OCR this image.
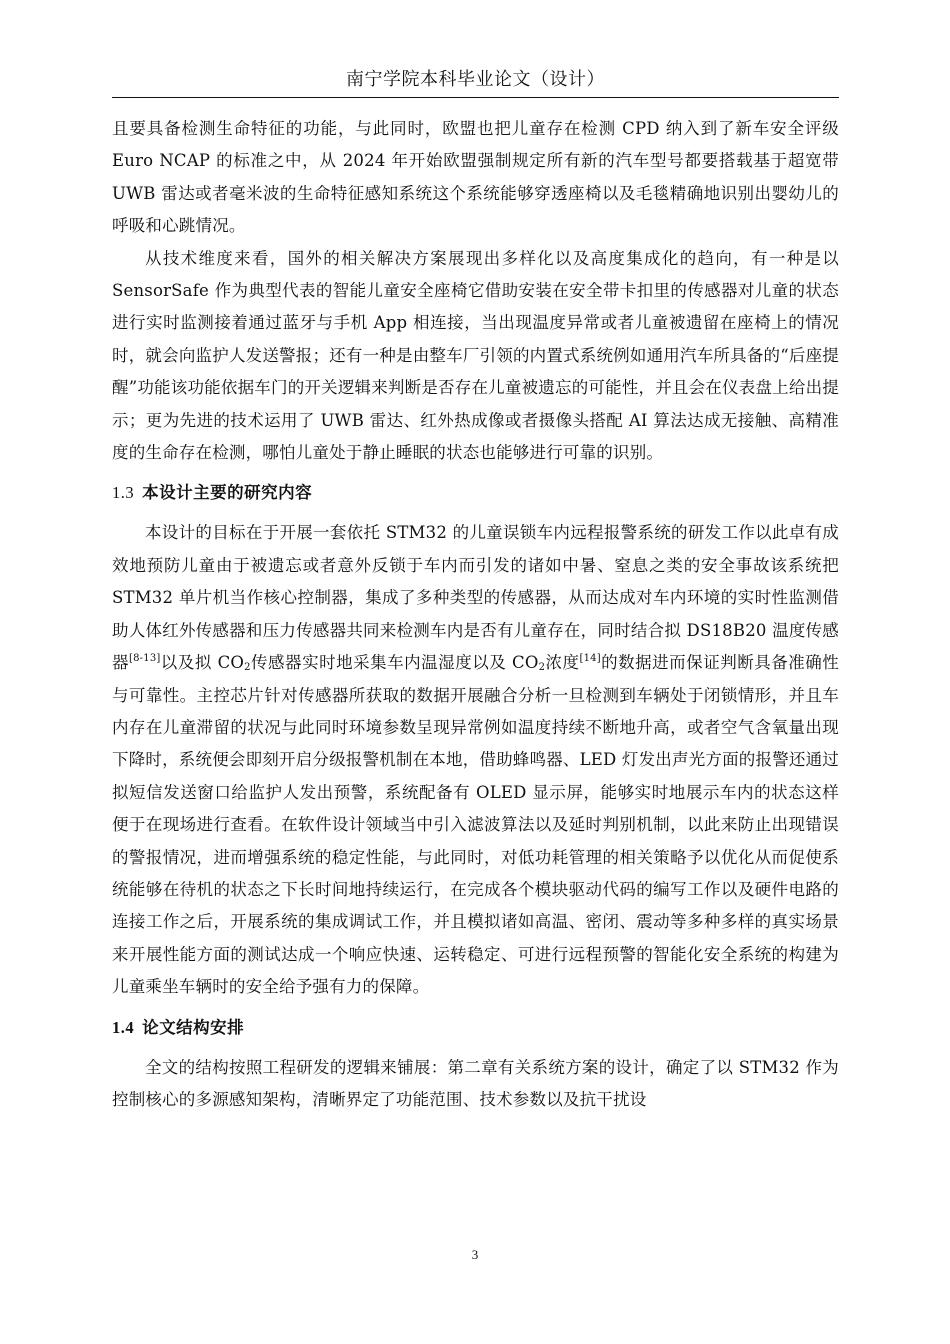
南宁学院本科毕业论文（设计）

且要具备检测生命特征的功能，与此同时，欧盟也把儿童存在检测 CPD 纳入到了新车安全评级 Euro NCAP 的标准之中，从 2024 年开始欧盟强制规定所有新的汽车型号都要搭载基于超宽带 UWB 雷达或者毫米波的生命特征感知系统这个系统能够穿透座椅以及毛毯精确地识别出婴幼儿的呼吸和心跳情况。

从技术维度来看，国外的相关解决方案展现出多样化以及高度集成化的趋向，有一种是以 SensorSafe 作为典型代表的智能儿童安全座椅它借助安装在安全带卡扣里的传感器对儿童的状态进行实时监测接着通过蓝牙与手机 App 相连接，当出现温度异常或者儿童被遗留在座椅上的情况时，就会向监护人发送警报；还有一种是由整车厂引领的内置式系统例如通用汽车所具备的“后座提醒”功能该功能依据车门的开关逻辑来判断是否存在儿童被遗忘的可能性，并且会在仪表盘上给出提示；更为先进的技术运用了 UWB 雷达、红外热成像或者摄像头搭配 AI 算法达成无接触、高精准度的生命存在检测，哪怕儿童处于静止睡眠的状态也能够进行可靠的识别。

1.3 本设计主要的研究内容

本设计的目标在于开展一套依托 STM32 的儿童误锁车内远程报警系统的研发工作以此卓有成效地预防儿童由于被遗忘或者意外反锁于车内而引发的诸如中暑、窒息之类的安全事故该系统把 STM32 单片机当作核心控制器，集成了多种类型的传感器，从而达成对车内环境的实时性监测借助人体红外传感器和压力传感器共同来检测车内是否有儿童存在，同时结合拟 DS18B20 温度传感器[8-13]以及拟 $CO_2$传感器实时地采集车内温湿度以及 $CO_2$浓度[14]的数据进而保证判断具备准确性与可靠性。主控芯片针对传感器所获取的数据开展融合分析一旦检测到车辆处于闭锁情形，并且车内存在儿童滞留的状况与此同时环境参数呈现异常例如温度持续不断地升高，或者空气含氧量出现下降时，系统便会即刻开启分级报警机制在本地，借助蜂鸣器、LED 灯发出声光方面的报警还通过拟短信发送窗口给监护人发出预警，系统配备有 OLED 显示屏，能够实时地展示车内的状态这样便于在现场进行查看。在软件设计领域当中引入滤波算法以及延时判别机制，以此来防止出现错误的警报情况，进而增强系统的稳定性能，与此同时，对低功耗管理的相关策略予以优化从而促使系统能够在待机的状态之下长时间地持续运行，在完成各个模块驱动代码的编写工作以及硬件电路的连接工作之后，开展系统的集成调试工作，并且模拟诸如高温、密闭、震动等多种多样的真实场景来开展性能方面的测试达成一个响应快速、运转稳定、可进行远程预警的智能化安全系统的构建为儿童乘坐车辆时的安全给予强有力的保障。

1.4 论文结构安排

全文的结构按照工程研发的逻辑来铺展：第二章有关系统方案的设计，确定了以 STM32 作为控制核心的多源感知架构，清晰界定了功能范围、技术参数以及抗干扰设

3
